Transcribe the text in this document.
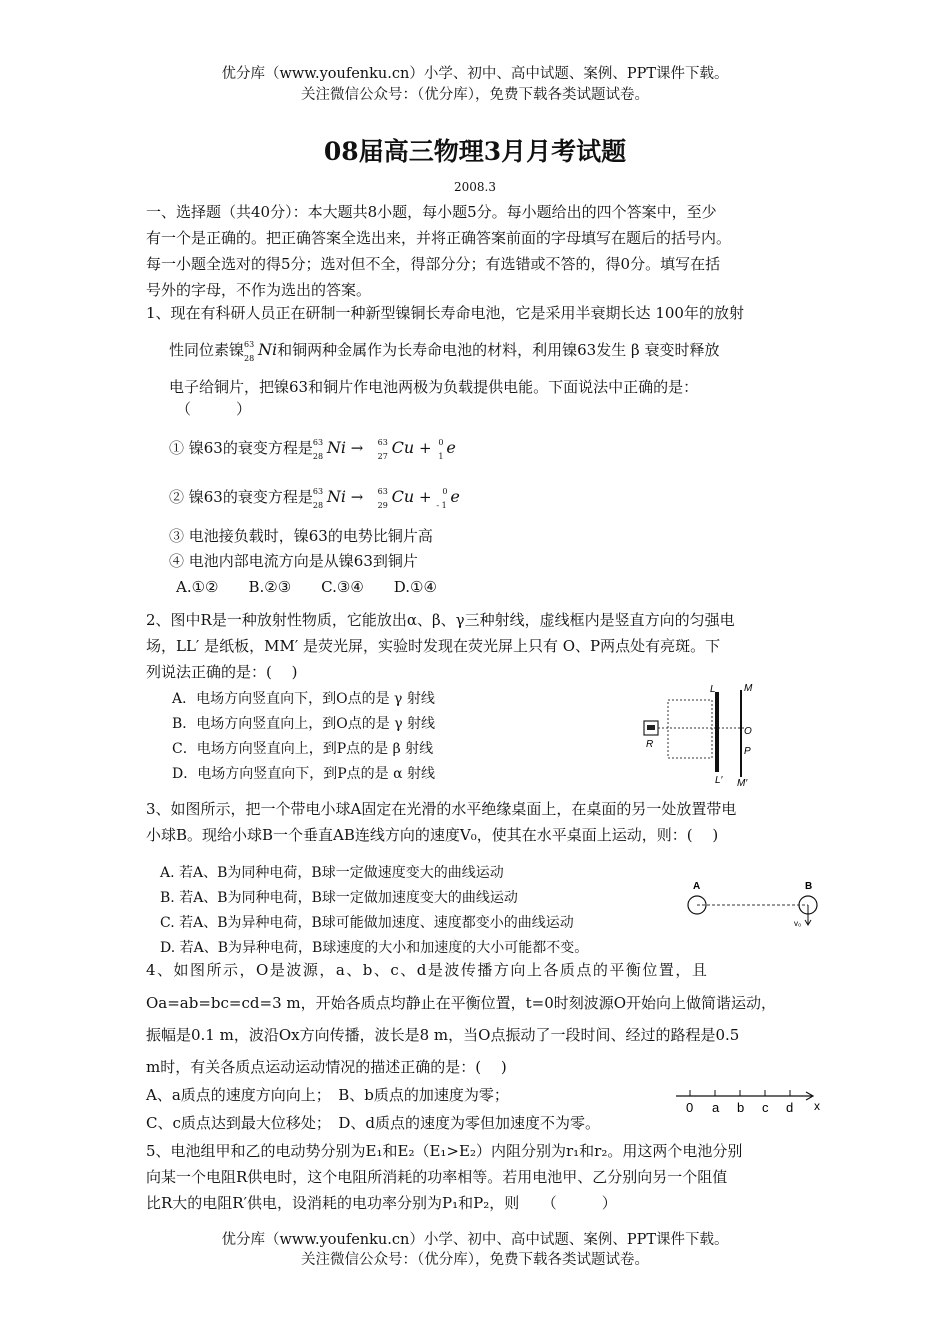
优分库（www.youfenku.cn）小学、初中、高中试题、案例、PPT课件下载。
关注微信公众号：（优分库），免费下载各类试题试卷。
08届高三物理3月月考试题
2008.3
一、选择题（共40分）：本大题共8小题，每小题5分。每小题给出的四个答案中，至少
有一个是正确的。把正确答案全选出来，并将正确答案前面的字母填写在题后的括号内。
每一小题全选对的得5分；选对但不全，得部分分；有选错或不答的，得0分。填写在括
号外的字母，不作为选出的答案。
1、现在有科研人员正在研制一种新型镍铜长寿命电池，它是采用半衰期长达 100年的放射
性同位素镍 63
28 Ni和铜两种金属作为长寿命电池的材料，利用镍63发生 β 衰变时释放
电子给铜片，把镍63和铜片作电池两极为负载提供电能。下面说法中正确的是：
（　　　）
① 镍63的衰变方程是 63
28 Ni → 63
27 Cu + 0
1 e
② 镍63的衰变方程是 63
28 Ni → 63
29 Cu + 0
- 1 e
③ 电池接负载时，镍63的电势比铜片高
④ 电池内部电流方向是从镍63到铜片
A.①②　　B.②③　　C.③④　　D.①④
2、图中R是一种放射性物质，它能放出α、β、γ三种射线，虚线框内是竖直方向的匀强电
场，LL′ 是纸板，MM′ 是荧光屏，实验时发现在荧光屏上只有 O、P两点处有亮斑。下
列说法正确的是：(　 )
A．电场方向竖直向下，到O点的是 γ 射线
B．电场方向竖直向上，到O点的是 γ 射线
C．电场方向竖直向上，到P点的是 β 射线
D．电场方向竖直向下，到P点的是 α 射线
L	M
O
P
R
L′ M′
3、如图所示，把一个带电小球A固定在光滑的水平绝缘桌面上，在桌面的另一处放置带电
小球B。现给小球B一个垂直AB连线方向的速度V₀，使其在水平桌面上运动，则：(　 )
A. 若A、B为同种电荷，B球一定做速度变大的曲线运动
B. 若A、B为同种电荷，B球一定做加速度变大的曲线运动
C. 若A、B为异种电荷，B球可能做加速度、速度都变小的曲线运动
D. 若A、B为异种电荷，B球速度的大小和加速度的大小可能都不变。
A	B
v₀
4、如图所示，O是波源，a、b、c、d是波传播方向上各质点的平衡位置，且
Oa=ab=bc=cd=3 m，开始各质点均静止在平衡位置，t=0时刻波源O开始向上做简谐运动，
振幅是0.1 m，波沿Ox方向传播，波长是8 m，当O点振动了一段时间、经过的路程是0.5
m时，有关各质点运动运动情况的描述正确的是：(　 )
A、a质点的速度方向向上；　B、b质点的加速度为零；
C、c质点达到最大位移处；　D、d质点的速度为零但加速度不为零。
0 a b c d x
5、电池组甲和乙的电动势分别为E₁和E₂（E₁>E₂）内阻分别为r₁和r₂。用这两个电池分别
向某一个电阻R供电时，这个电阻所消耗的功率相等。若用电池甲、乙分别向另一个阻值
比R大的电阻R′供电，设消耗的电功率分别为P₁和P₂，则　　（　　　）
优分库（www.youfenku.cn）小学、初中、高中试题、案例、PPT课件下载。
关注微信公众号：（优分库），免费下载各类试题试卷。
